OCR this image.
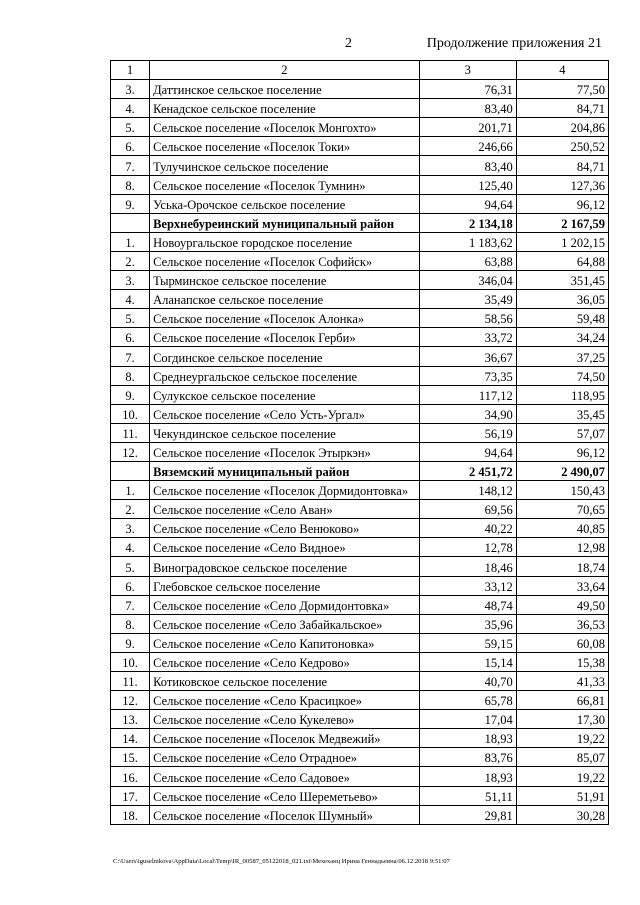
2	Продолжение приложения 21
1	2	3	4
3.	Даттинское сельское поселение	76,31	77,50
4.	Кенадское сельское поселение	83,40	84,71
5.	Сельское поселение «Поселок Монгохто»	201,71	204,86
6.	Сельское поселение «Поселок Токи»	246,66	250,52
7.	Тулучинское сельское поселение	83,40	84,71
8.	Сельское поселение «Поселок Тумнин»	125,40	127,36
9.	Уська-Орочское сельское поселение	94,64	96,12
	Верхнебуреинский муниципальный район	2 134,18	2 167,59
1.	Новоургальское городское поселение	1 183,62	1 202,15
2.	Сельское поселение «Поселок Софийск»	63,88	64,88
3.	Тырминское сельское поселение	346,04	351,45
4.	Аланапское сельское поселение	35,49	36,05
5.	Сельское поселение «Поселок Алонка»	58,56	59,48
6.	Сельское поселение «Поселок Герби»	33,72	34,24
7.	Согдинское сельское поселение	36,67	37,25
8.	Среднеургальское сельское поселение	73,35	74,50
9.	Сулукское сельское поселение	117,12	118,95
10.	Сельское поселение «Село Усть-Ургал»	34,90	35,45
11.	Чекундинское сельское поселение	56,19	57,07
12.	Сельское поселение «Поселок Этыркэн»	94,64	96,12
	Вяземский муниципальный район	2 451,72	2 490,07
1.	Сельское поселение «Поселок Дормидонтовка»	148,12	150,43
2.	Сельское поселение «Село Аван»	69,56	70,65
3.	Сельское поселение «Село Венюково»	40,22	40,85
4.	Сельское поселение «Село Видное»	12,78	12,98
5.	Виноградовское сельское поселение	18,46	18,74
6.	Глебовское сельское поселение	33,12	33,64
7.	Сельское поселение «Село Дормидонтовка»	48,74	49,50
8.	Сельское поселение «Село Забайкальское»	35,96	36,53
9.	Сельское поселение «Село Капитоновка»	59,15	60,08
10.	Сельское поселение «Село Кедрово»	15,14	15,38
11.	Котиковское сельское поселение	40,70	41,33
12.	Сельское поселение «Село Красицкое»	65,78	66,81
13.	Сельское поселение «Село Кукелево»	17,04	17,30
14.	Сельское поселение «Поселок Медвежий»	18,93	19,22
15.	Сельское поселение «Село Отрадное»	83,76	85,07
16.	Сельское поселение «Село Садовое»	18,93	19,22
17.	Сельское поселение «Село Шереметьево»	51,11	51,91
18.	Сельское поселение «Поселок Шумный»	29,81	30,28
C:\Users\iguselnikova\AppData\Local\Temp\IR_00587_05122018_021.txt\Мехеханц Ирина Геннадьевна\06.12.2018 9:51:07
